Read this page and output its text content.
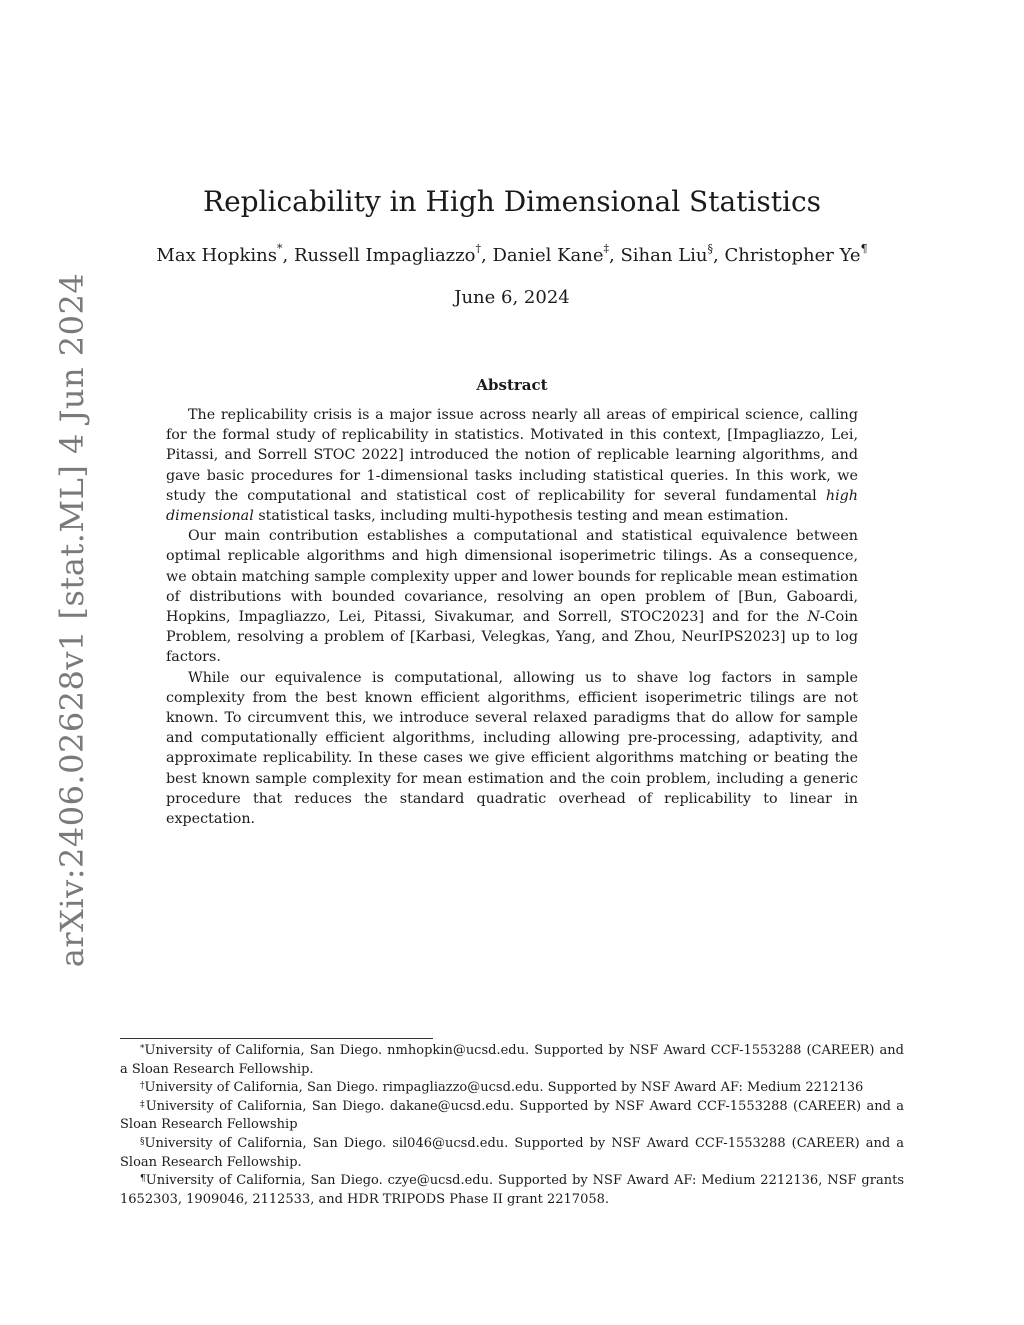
arXiv:2406.02628v1 [stat.ML] 4 Jun 2024
Replicability in High Dimensional Statistics
Max Hopkins*, Russell Impagliazzo†, Daniel Kane‡, Sihan Liu§, Christopher Ye¶
June 6, 2024
Abstract

The replicability crisis is a major issue across nearly all areas of empirical science, calling for the formal study of replicability in statistics. Motivated in this context, [Impagliazzo, Lei, Pitassi, and Sorrell STOC 2022] introduced the notion of replicable learning algorithms, and gave basic procedures for 1-dimensional tasks including statistical queries. In this work, we study the computational and statistical cost of replicability for several fundamental high dimensional statistical tasks, including multi-hypothesis testing and mean estimation.

Our main contribution establishes a computational and statistical equivalence between optimal replicable algorithms and high dimensional isoperimetric tilings. As a consequence, we obtain matching sample complexity upper and lower bounds for replicable mean estimation of distributions with bounded covariance, resolving an open problem of [Bun, Gaboardi, Hopkins, Impagliazzo, Lei, Pitassi, Sivakumar, and Sorrell, STOC2023] and for the N-Coin Problem, resolving a problem of [Karbasi, Velegkas, Yang, and Zhou, NeurIPS2023] up to log factors.

While our equivalence is computational, allowing us to shave log factors in sample complexity from the best known efficient algorithms, efficient isoperimetric tilings are not known. To circumvent this, we introduce several relaxed paradigms that do allow for sample and computationally efficient algorithms, including allowing pre-processing, adaptivity, and approximate replicability. In these cases we give efficient algorithms matching or beating the best known sample complexity for mean estimation and the coin problem, including a generic procedure that reduces the standard quadratic overhead of replicability to linear in expectation.

*University of California, San Diego. nmhopkin@ucsd.edu. Supported by NSF Award CCF-1553288 (CAREER) and a Sloan Research Fellowship.

†University of California, San Diego. rimpagliazzo@ucsd.edu. Supported by NSF Award AF: Medium 2212136

‡University of California, San Diego. dakane@ucsd.edu. Supported by NSF Award CCF-1553288 (CAREER) and a Sloan Research Fellowship

§University of California, San Diego. sil046@ucsd.edu. Supported by NSF Award CCF-1553288 (CAREER) and a Sloan Research Fellowship.

¶University of California, San Diego. czye@ucsd.edu. Supported by NSF Award AF: Medium 2212136, NSF grants 1652303, 1909046, 2112533, and HDR TRIPODS Phase II grant 2217058.
